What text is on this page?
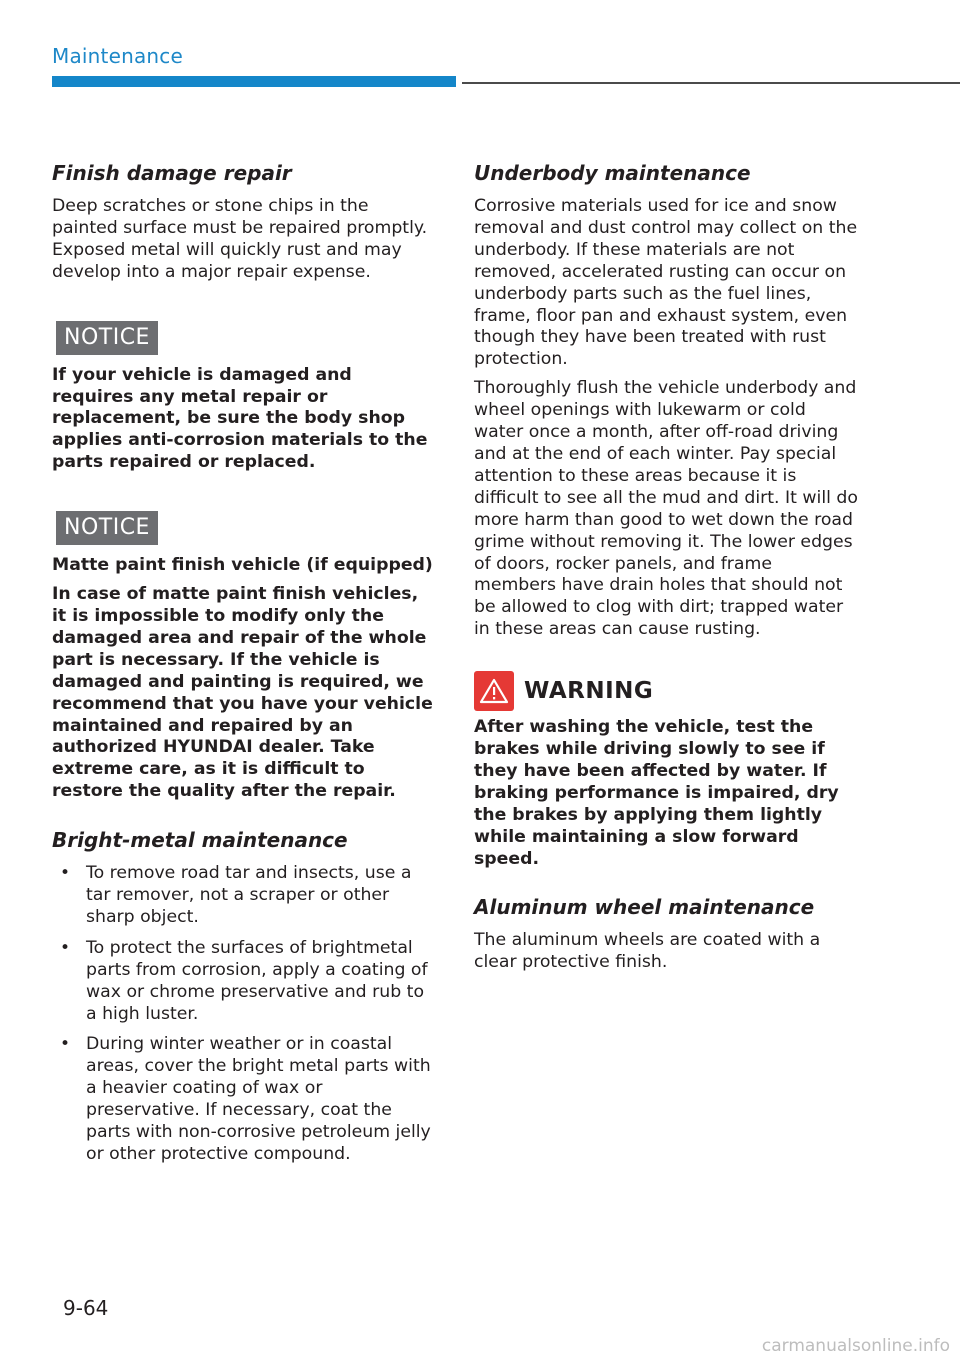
Maintenance
Finish damage repair

Deep scratches or stone chips in the painted surface must be repaired promptly. Exposed metal will quickly rust and may develop into a major repair expense.

NOTICE
If your vehicle is damaged and requires any metal repair or replacement, be sure the body shop applies anti-corrosion materials to the parts repaired or replaced.
NOTICE
Matte paint finish vehicle (if equipped)
In case of matte paint finish vehicles, it is impossible to modify only the damaged area and repair of the whole part is necessary. If the vehicle is damaged and painting is required, we recommend that you have your vehicle maintained and repaired by an authorized HYUNDAI dealer. Take extreme care, as it is difficult to restore the quality after the repair.
Bright-metal maintenance
• To remove road tar and insects, use a tar remover, not a scraper or other sharp object.
• To protect the surfaces of brightmetal parts from corrosion, apply a coating of wax or chrome preservative and rub to a high luster.
• During winter weather or in coastal areas, cover the bright metal parts with a heavier coating of wax or preservative. If necessary, coat the parts with non-corrosive petroleum jelly or other protective compound.
Underbody maintenance

Corrosive materials used for ice and snow removal and dust control may collect on the underbody. If these materials are not removed, accelerated rusting can occur on underbody parts such as the fuel lines, frame, floor pan and exhaust system, even though they have been treated with rust protection.

Thoroughly flush the vehicle underbody and wheel openings with lukewarm or cold water once a month, after off-road driving and at the end of each winter. Pay special attention to these areas because it is difficult to see all the mud and dirt. It will do more harm than good to wet down the road grime without removing it. The lower edges of doors, rocker panels, and frame members have drain holes that should not be allowed to clog with dirt; trapped water in these areas can cause rusting.

WARNING
After washing the vehicle, test the brakes while driving slowly to see if they have been affected by water. If braking performance is impaired, dry the brakes by applying them lightly while maintaining a slow forward speed.
Aluminum wheel maintenance

The aluminum wheels are coated with a clear protective finish.

9-64
carmanualsonline.info
